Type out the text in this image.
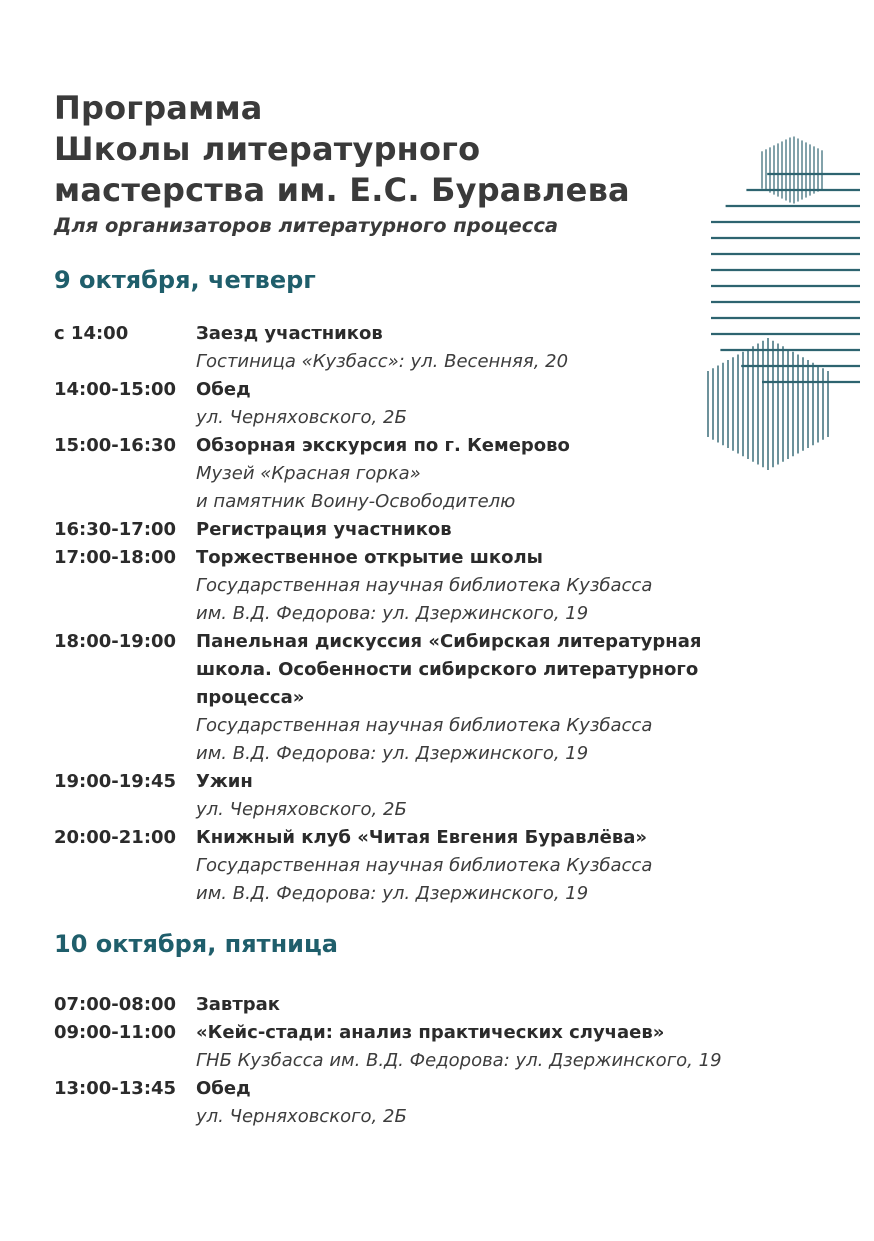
Программа
Школы литературного
мастерства им. Е.С. Буравлева

Для организаторов литературного процесса

9 октября, четверг
с 14:00	Заезд участников
Гостиница «Кузбасс»: ул. Весенняя, 20
14:00-15:00	Обед
ул. Черняховского, 2Б
15:00-16:30	Обзорная экскурсия по г. Кемерово
Музей «Красная горка»
и памятник Воину-Освободителю
16:30-17:00	Регистрация участников
17:00-18:00	Торжественное открытие школы
Государственная научная библиотека Кузбасса
им. В.Д. Федорова: ул. Дзержинского, 19
18:00-19:00	Панельная дискуссия «Сибирская литературная
школа. Особенности сибирского литературного
процесса»
Государственная научная библиотека Кузбасса
им. В.Д. Федорова: ул. Дзержинского, 19
19:00-19:45	Ужин
ул. Черняховского, 2Б
20:00-21:00	Книжный клуб «Читая Евгения Буравлёва»
Государственная научная библиотека Кузбасса
им. В.Д. Федорова: ул. Дзержинского, 19
10 октября, пятница
07:00-08:00	Завтрак
09:00-11:00	«Кейс-стади: анализ практических случаев»
ГНБ Кузбасса им. В.Д. Федорова: ул. Дзержинского, 19
13:00-13:45	Обед
ул. Черняховского, 2Б
